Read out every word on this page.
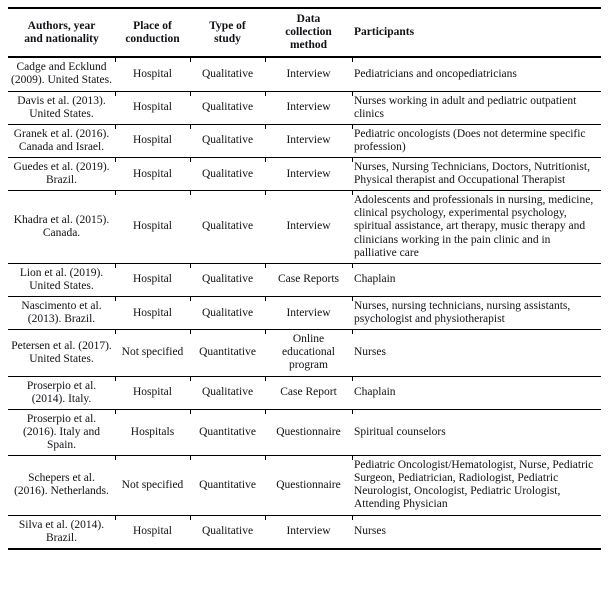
Authors, year and nationality	Place of conduction	Type of study	Data collection method	Participants
Cadge and Ecklund (2009). United States.	Hospital	Qualitative	Interview	Pediatricians and oncopediatricians
Davis et al. (2013). United States.	Hospital	Qualitative	Interview	Nurses working in adult and pediatric outpatient clinics
Granek et al. (2016). Canada and Israel.	Hospital	Qualitative	Interview	Pediatric oncologists (Does not determine specific profession)
Guedes et al. (2019). Brazil.	Hospital	Qualitative	Interview	Nurses, Nursing Technicians, Doctors, Nutritionist, Physical therapist and Occupational Therapist
Khadra et al. (2015). Canada.	Hospital	Qualitative	Interview	Adolescents and professionals in nursing, medicine, clinical psychology, experimental psychology, spiritual assistance, art therapy, music therapy and clinicians working in the pain clinic and in palliative care
Lion et al. (2019). United States.	Hospital	Qualitative	Case Reports	Chaplain
Nascimento et al. (2013). Brazil.	Hospital	Qualitative	Interview	Nurses, nursing technicians, nursing assistants, psychologist and physiotherapist
Petersen et al. (2017). United States.	Not specified	Quantitative	Online educational program	Nurses
Proserpio et al. (2014). Italy.	Hospital	Qualitative	Case Report	Chaplain
Proserpio et al. (2016). Italy and Spain.	Hospitals	Quantitative	Questionnaire	Spiritual counselors
Schepers et al. (2016). Netherlands.	Not specified	Quantitative	Questionnaire	Pediatric Oncologist/Hematologist, Nurse, Pediatric Surgeon, Pediatrician, Radiologist, Pediatric Neurologist, Oncologist, Pediatric Urologist, Attending Physician
Silva et al. (2014). Brazil.	Hospital	Qualitative	Interview	Nurses
